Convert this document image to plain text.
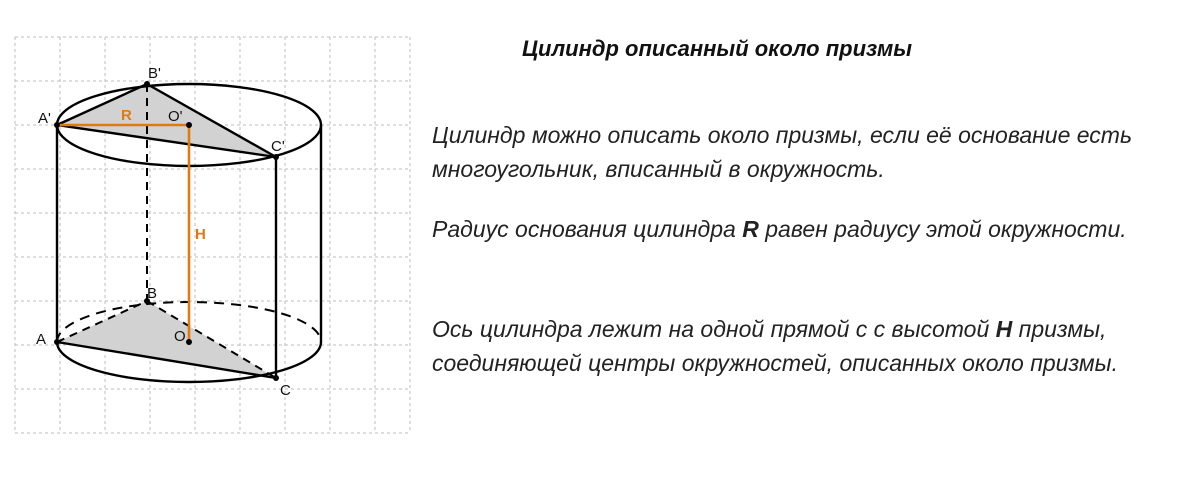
A'
B'
C'
O'
A
B
C
O
R
H
Цилиндр описанный около призмы
Цилиндр можно описать около призмы, если её основание есть многоугольник, вписанный в окружность.
Радиус основания цилиндра R равен радиусу этой окружности.
Ось цилиндра лежит на одной прямой с с высотой H призмы, соединяющей центры окружностей, описанных около призмы.
